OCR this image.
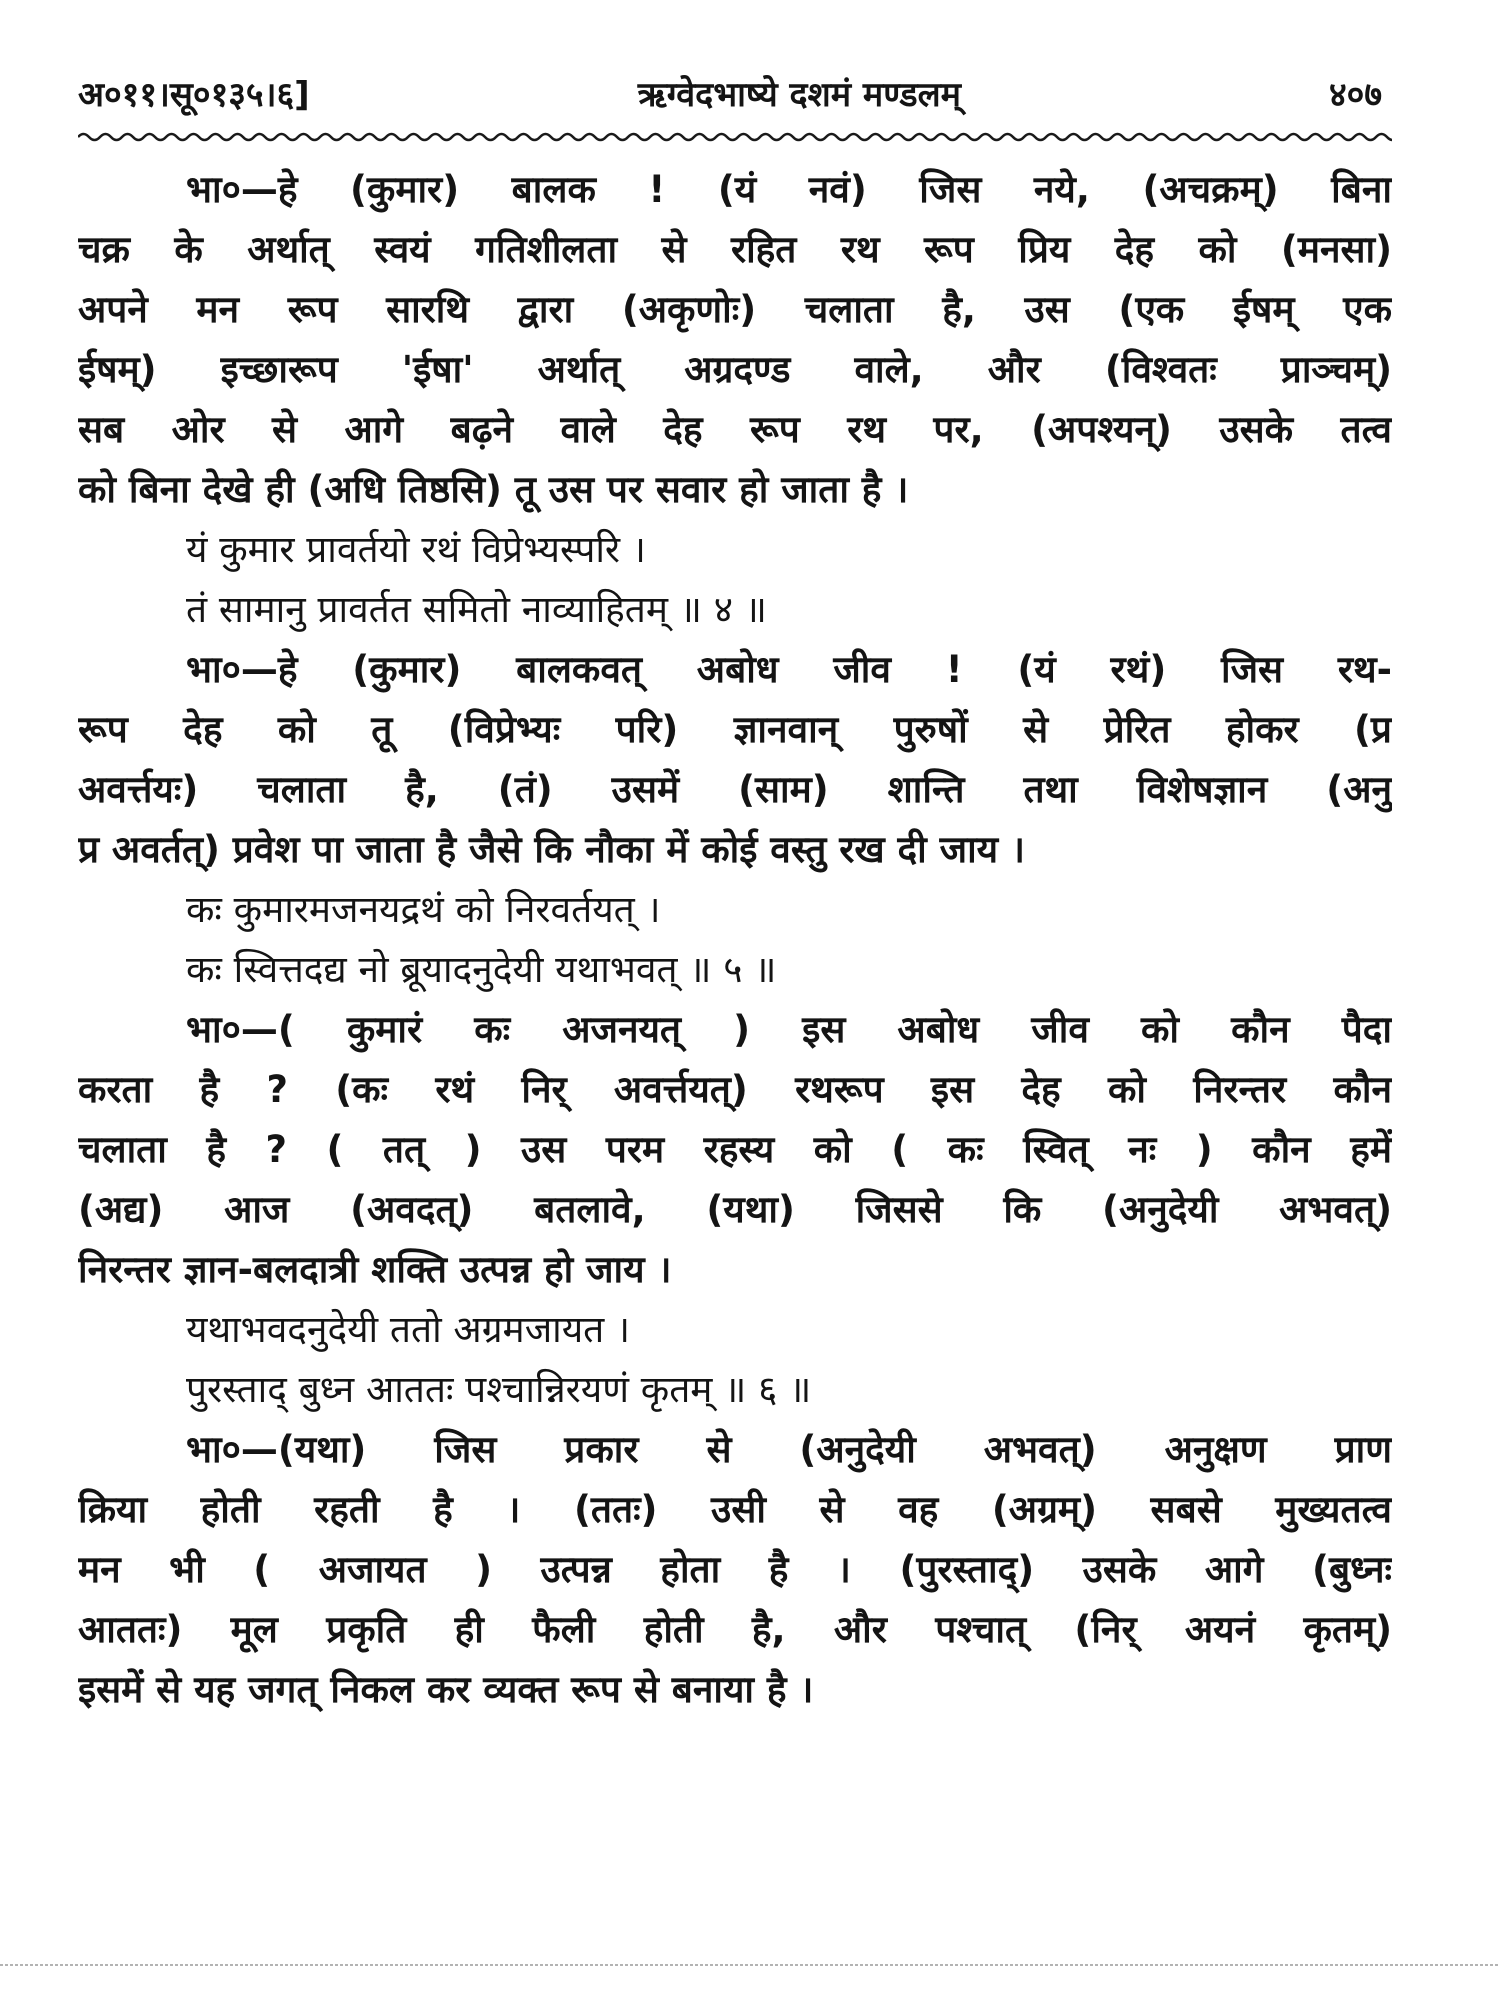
अ०११।सू०१३५।६]	ऋग्वेदभाष्ये दशमं मण्डलम्	४०७
भा०—हे (कुमार) बालक ! (यं नवं) जिस नये, (अचक्रम्) बिना
चक्र के अर्थात् स्वयं गतिशीलता से रहित रथ रूप प्रिय देह को (मनसा)
अपने मन रूप सारथि द्वारा (अकृणोः) चलाता है, उस (एक ईषम् एक
ईषम्) इच्छारूप 'ईषा' अर्थात् अग्रदण्ड वाले, और (विश्वतः प्राञ्चम्)
सब ओर से आगे बढ़ने वाले देह रूप रथ पर, (अपश्यन्) उसके तत्व
को बिना देखे ही (अधि तिष्ठसि) तू उस पर सवार हो जाता है ।
यं कुमार प्रावर्तयो रथं विप्रेभ्यस्परि ।
तं सामानु प्रावर्तत समितो नाव्याहितम् ॥ ४ ॥
भा०—हे (कुमार) बालकवत् अबोध जीव ! (यं रथं) जिस रथ-
रूप देह को तू (विप्रेभ्यः परि) ज्ञानवान् पुरुषों से प्रेरित होकर (प्र
अवर्त्तयः) चलाता है, (तं) उसमें (साम) शान्ति तथा विशेषज्ञान (अनु
प्र अवर्तत्) प्रवेश पा जाता है जैसे कि नौका में कोई वस्तु रख दी जाय ।
कः कुमारमजनयद्रथं को निरवर्तयत् ।
कः स्वित्तदद्य नो ब्रूयादनुदेयी यथाभवत् ॥ ५ ॥
भा०—( कुमारं कः अजनयत् ) इस अबोध जीव को कौन पैदा
करता है ? (कः रथं निर् अवर्त्तयत्) रथरूप इस देह को निरन्तर कौन
चलाता है ? ( तत् ) उस परम रहस्य को ( कः स्वित् नः ) कौन हमें
(अद्य) आज (अवदत्) बतलावे, (यथा) जिससे कि (अनुदेयी अभवत्)
निरन्तर ज्ञान-बलदात्री शक्ति उत्पन्न हो जाय ।
यथाभवदनुदेयी ततो अग्रमजायत ।
पुरस्ताद् बुध्न आततः पश्चान्निरयणं कृतम् ॥ ६ ॥
भा०—(यथा) जिस प्रकार से (अनुदेयी अभवत्) अनुक्षण प्राण
क्रिया होती रहती है । (ततः) उसी से वह (अग्रम्) सबसे मुख्यतत्व
मन भी ( अजायत ) उत्पन्न होता है । (पुरस्ताद्) उसके आगे (बुध्नः
आततः) मूल प्रकृति ही फैली होती है, और पश्चात् (निर् अयनं कृतम्)
इसमें से यह जगत् निकल कर व्यक्त रूप से बनाया है ।
